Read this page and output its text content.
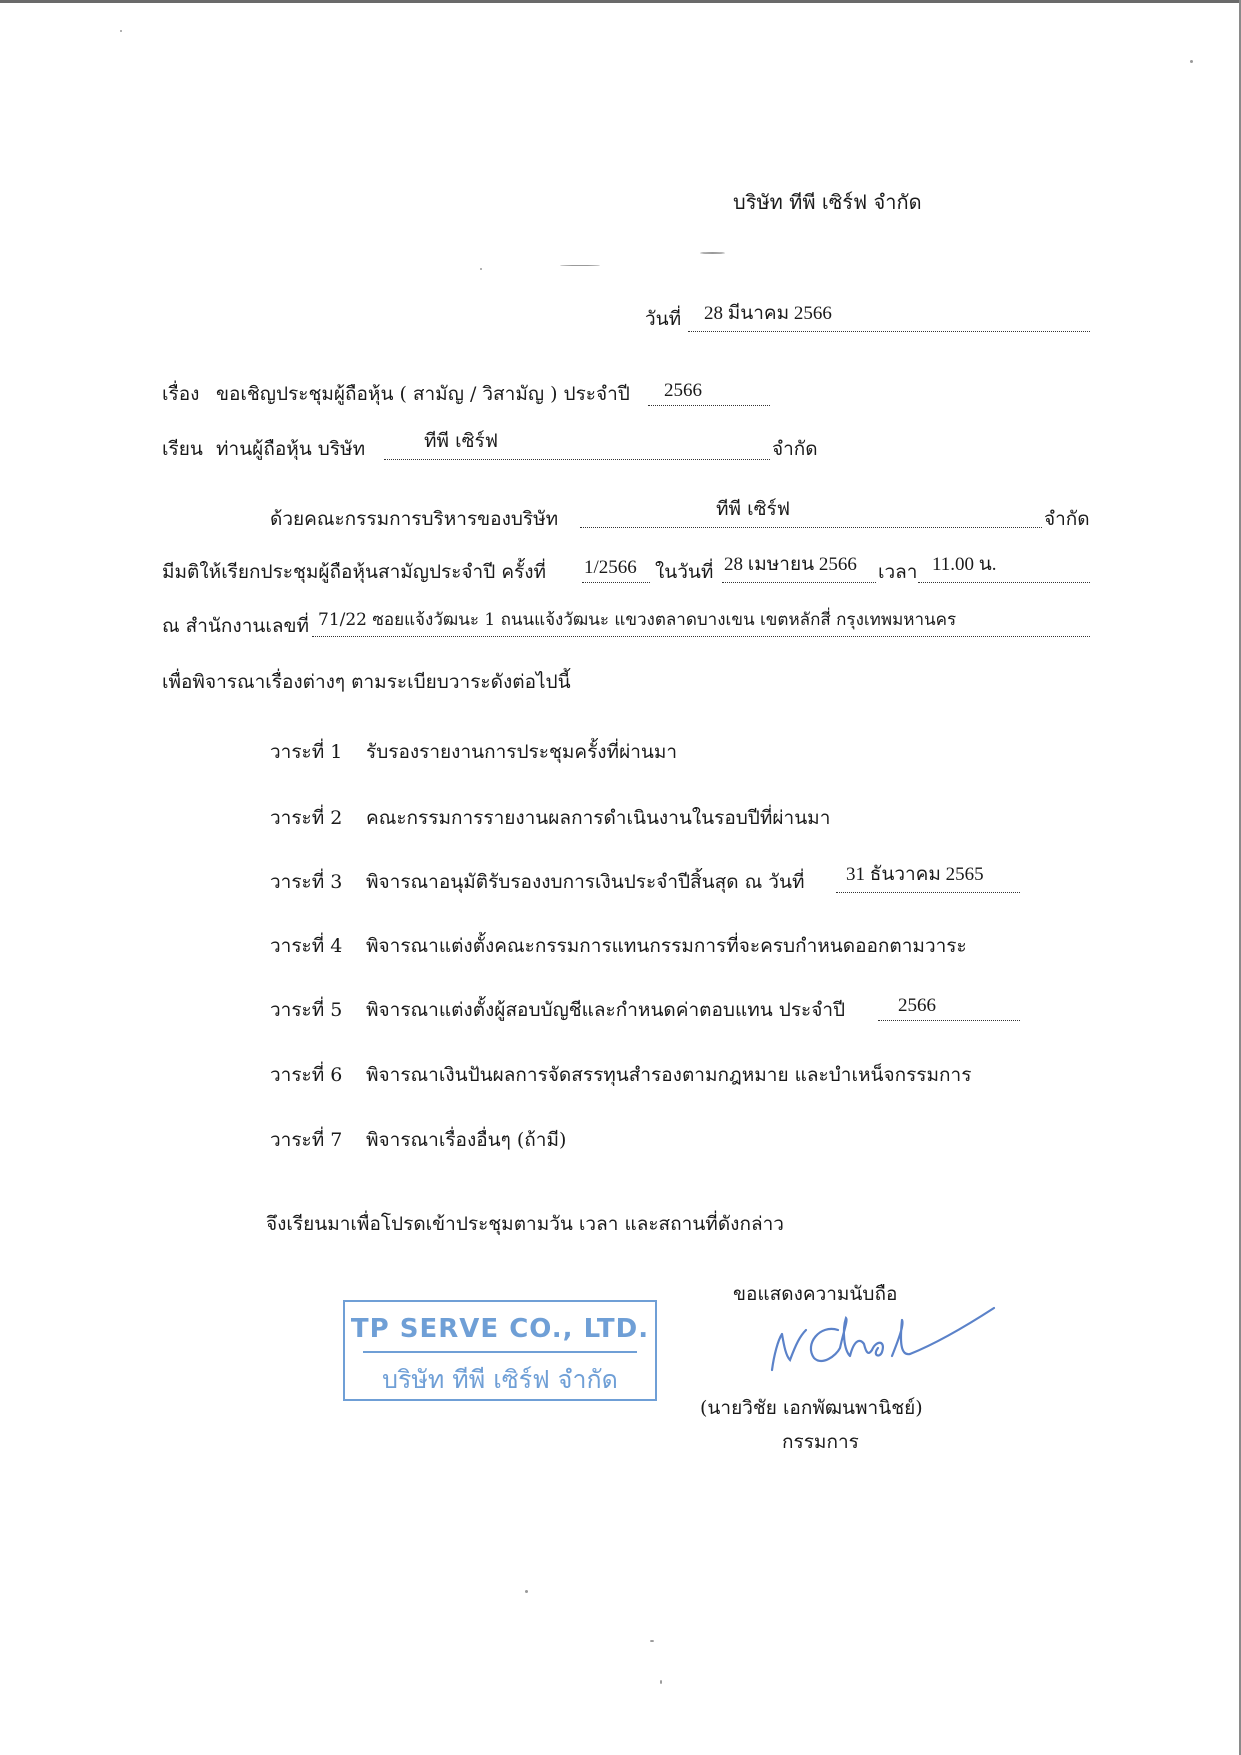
บริษัท ทีพี เซิร์ฟ จำกัด
วันที่ 28 มีนาคม 2566
เรื่อง ขอเชิญประชุมผู้ถือหุ้น ( สามัญ / วิสามัญ ) ประจำปี 2566
เรียน ท่านผู้ถือหุ้น บริษัท	ทีพี เซิร์ฟ	จำกัด
ด้วยคณะกรรมการบริหารของบริษัท	ทีพี เซิร์ฟ	จำกัด
มีมติให้เรียกประชุมผู้ถือหุ้นสามัญประจำปี ครั้งที่ 1/2566 ในวันที่ 28 เมษายน 2566 เวลา 11.00 น.
ณ สำนักงานเลขที่ 71/22 ซอยแจ้งวัฒนะ 1 ถนนแจ้งวัฒนะ แขวงตลาดบางเขน เขตหลักสี่ กรุงเทพมหานคร
เพื่อพิจารณาเรื่องต่างๆ ตามระเบียบวาระดังต่อไปนี้
วาระที่ 1 รับรองรายงานการประชุมครั้งที่ผ่านมา
วาระที่ 2 คณะกรรมการรายงานผลการดำเนินงานในรอบปีที่ผ่านมา
วาระที่ 3 พิจารณาอนุมัติรับรองงบการเงินประจำปีสิ้นสุด ณ วันที่ 31 ธันวาคม 2565
วาระที่ 4 พิจารณาแต่งตั้งคณะกรรมการแทนกรรมการที่จะครบกำหนดออกตามวาระ
วาระที่ 5 พิจารณาแต่งตั้งผู้สอบบัญชีและกำหนดค่าตอบแทน ประจำปี	2566
วาระที่ 6 พิจารณาเงินปันผลการจัดสรรทุนสำรองตามกฎหมาย และบำเหน็จกรรมการ
วาระที่ 7 พิจารณาเรื่องอื่นๆ (ถ้ามี)
จึงเรียนมาเพื่อโปรดเข้าประชุมตามวัน เวลา และสถานที่ดังกล่าว
ขอแสดงความนับถือ
TP SERVE CO., LTD.
บริษัท ทีพี เซิร์ฟ จำกัด
(นายวิชัย เอกพัฒนพานิชย์)
กรรมการ
